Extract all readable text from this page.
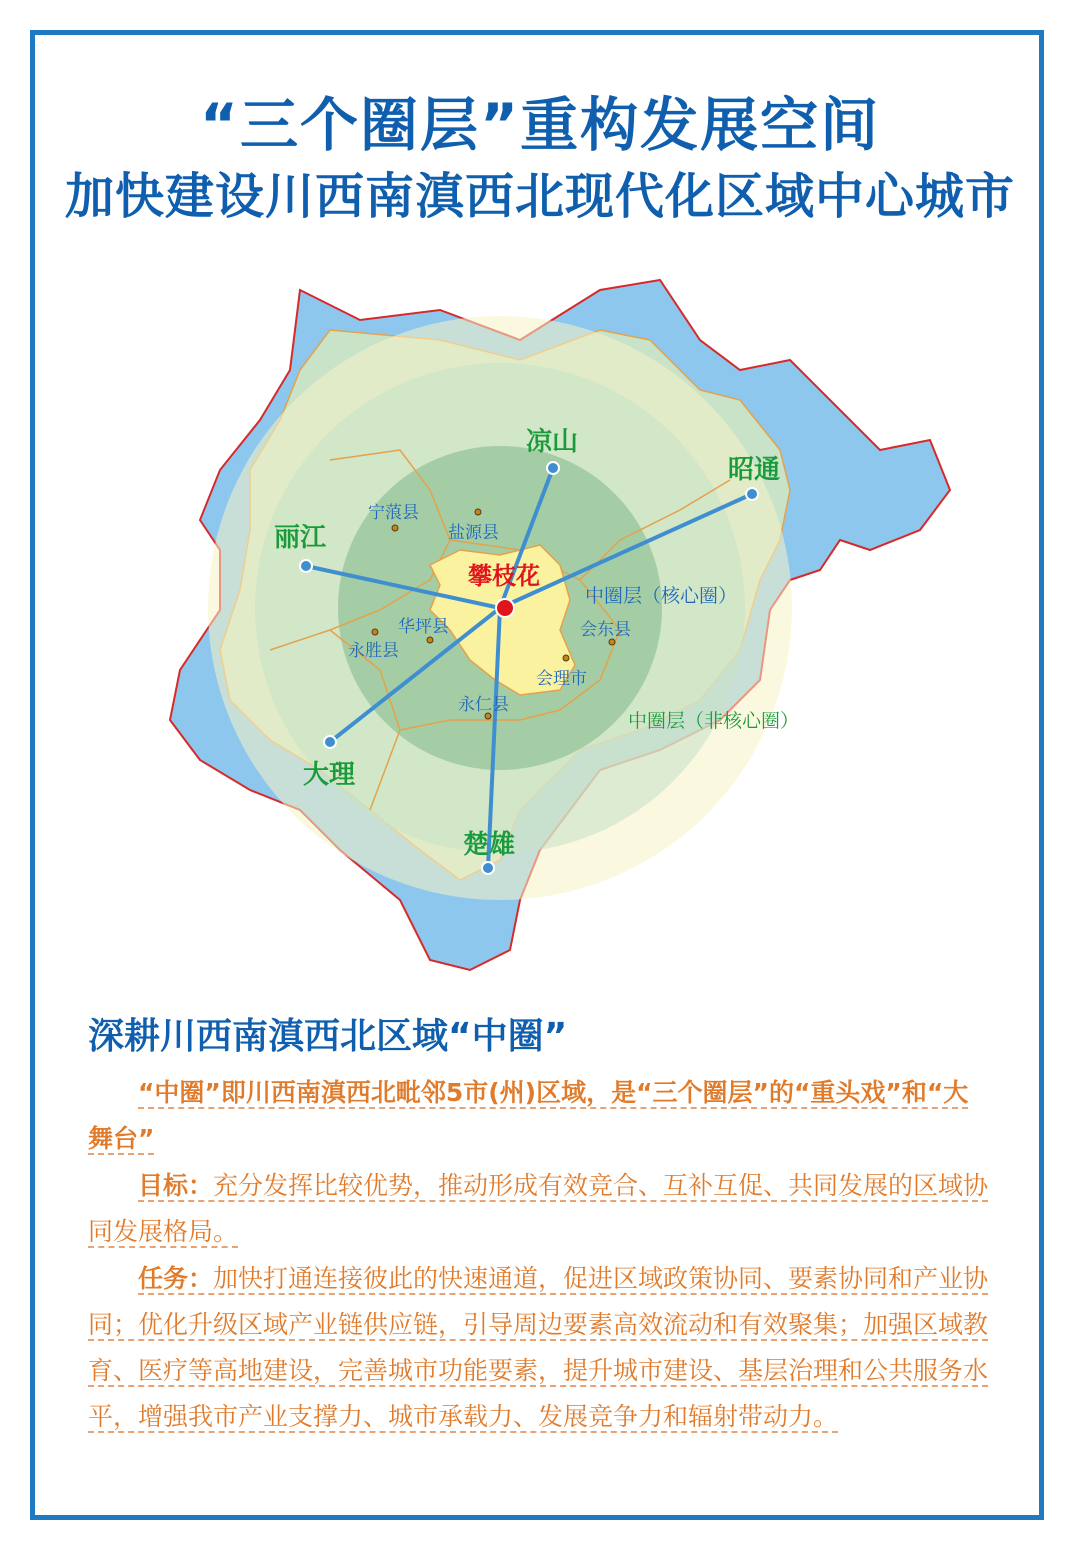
“三个圈层”重构发展空间
加快建设川西南滇西北现代化区域中心城市
攀枝花
凉山
昭通
丽江
大理
楚雄
宁蒗县
盐源县
华坪县
永胜县
会东县
会理市
永仁县
中圈层（核心圈）
中圈层（非核心圈）
深耕川西南滇西北区域“中圈”
“中圈”即川西南滇西北毗邻5市(州)区域，是“三个圈层”的“重头戏”和“大舞台”
目标：充分发挥比较优势，推动形成有效竞合、互补互促、共同发展的区域协同发展格局。
任务：加快打通连接彼此的快速通道，促进区域政策协同、要素协同和产业协同；优化升级区域产业链供应链，引导周边要素高效流动和有效聚集；加强区域教育、医疗等高地建设，完善城市功能要素，提升城市建设、基层治理和公共服务水平，增强我市产业支撑力、城市承载力、发展竞争力和辐射带动力。
